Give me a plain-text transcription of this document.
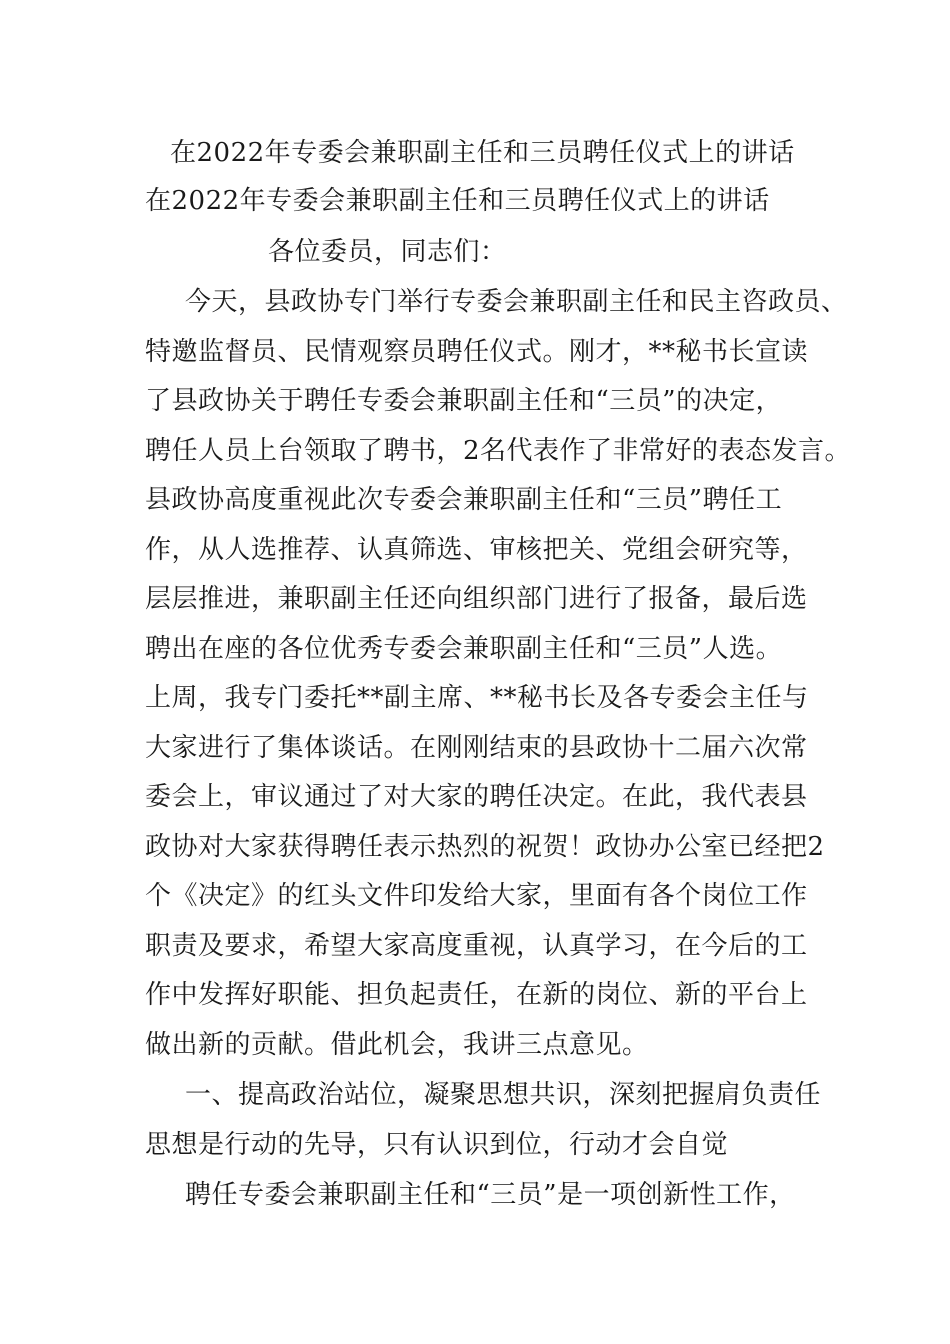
在2022年专委会兼职副主任和三员聘任仪式上的讲话
在2022年专委会兼职副主任和三员聘任仪式上的讲话
各位委员，同志们：
今天，县政协专门举行专委会兼职副主任和民主咨政员、
特邀监督员、民情观察员聘任仪式。刚才，**秘书长宣读
了县政协关于聘任专委会兼职副主任和“三员”的决定，
聘任人员上台领取了聘书，2名代表作了非常好的表态发言。
县政协高度重视此次专委会兼职副主任和“三员”聘任工
作，从人选推荐、认真筛选、审核把关、党组会研究等，
层层推进，兼职副主任还向组织部门进行了报备，最后选
聘出在座的各位优秀专委会兼职副主任和“三员”人选。
上周，我专门委托**副主席、**秘书长及各专委会主任与
大家进行了集体谈话。在刚刚结束的县政协十二届六次常
委会上，审议通过了对大家的聘任决定。在此，我代表县
政协对大家获得聘任表示热烈的祝贺！政协办公室已经把2
个《决定》的红头文件印发给大家，里面有各个岗位工作
职责及要求，希望大家高度重视，认真学习，在今后的工
作中发挥好职能、担负起责任，在新的岗位、新的平台上
做出新的贡献。借此机会，我讲三点意见。
一、提高政治站位，凝聚思想共识，深刻把握肩负责任
思想是行动的先导，只有认识到位，行动才会自觉
聘任专委会兼职副主任和“三员”是一项创新性工作，
